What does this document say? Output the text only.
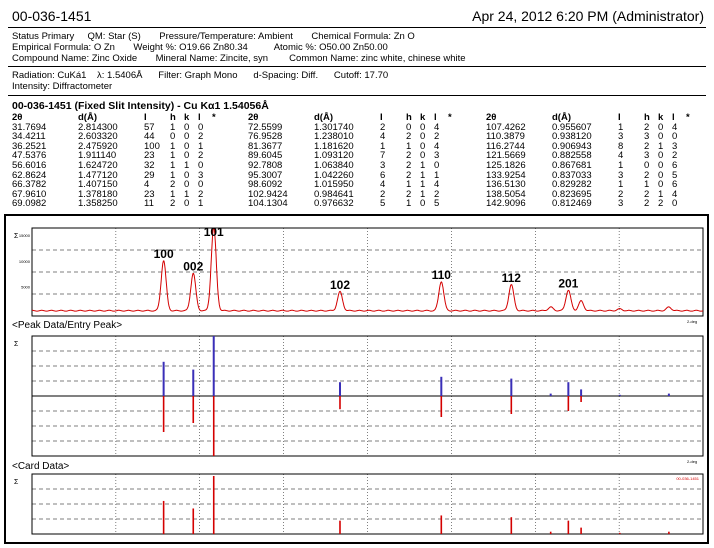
00-036-1451	Apr 24, 2012 6:20 PM (Administrator)
Status Primary     QM: Star (S)       Pressure/Temperature: Ambient       Chemical Formula: Zn O
Empirical Formula: O Zn       Weight %: O19.66 Zn80.34          Atomic %: O50.00 Zn50.00
Compound Name: Zinc Oxide       Mineral Name: Zincite, syn        Common Name: zinc white, chinese white
Radiation: CuKá1    λ: 1.5406Å      Filter: Graph Mono      d-Spacing: Diff.      Cutoff: 17.70
Intensity: Diffractometer
00-036-1451 (Fixed Slit Intensity) - Cu Kα1 1.54056Å
2θ	d(Å)	I	h k l	*
31.7694	2.814300	57	1 0 0
34.4211	2.603320	44	0 0 2
36.2521	2.475920	100	1 0 1
47.5376	1.911140	23	1 0 2
56.6016	1.624720	32	1 1 0
62.8624	1.477120	29	1 0 3
66.3782	1.407150	4	2 0 0
67.9610	1.378180	23	1 1 2
69.0982	1.358250	11	2 0 1
2θ	d(Å)	I	h k l	*
72.5599	1.301740	2	0 0 4
76.9528	1.238010	4	2 0 2
81.3677	1.181620	1	1 0 4
89.6045	1.093120	7	2 0 3
92.7808	1.063840	3	2 1 0
95.3007	1.042260	6	2 1 1
98.6092	1.015950	4	1 1 4
102.9424	0.984641	2	2 1 2
104.1304	0.976632	5	1 0 5
2θ	d(Å)	I	h k l	*
107.4262	0.955607	1	2 0 4
110.3879	0.938120	3	3 0 0
116.2744	0.906943	8	2 1 3
121.5669	0.882558	4	3 0 2
125.1826	0.867681	1	0 0 6
133.9254	0.837033	3	2 0 5
136.5130	0.829282	1	1 0 6
138.5054	0.823695	2	2 1 4
142.9096	0.812469	3	2 2 0
5000
10000
15000
Σ
2-deg
100
002
101
102
110	112	201
<Peak Data/Entry Peak>
Σ
2-deg
<Card Data>
Σ
00-036-1451
